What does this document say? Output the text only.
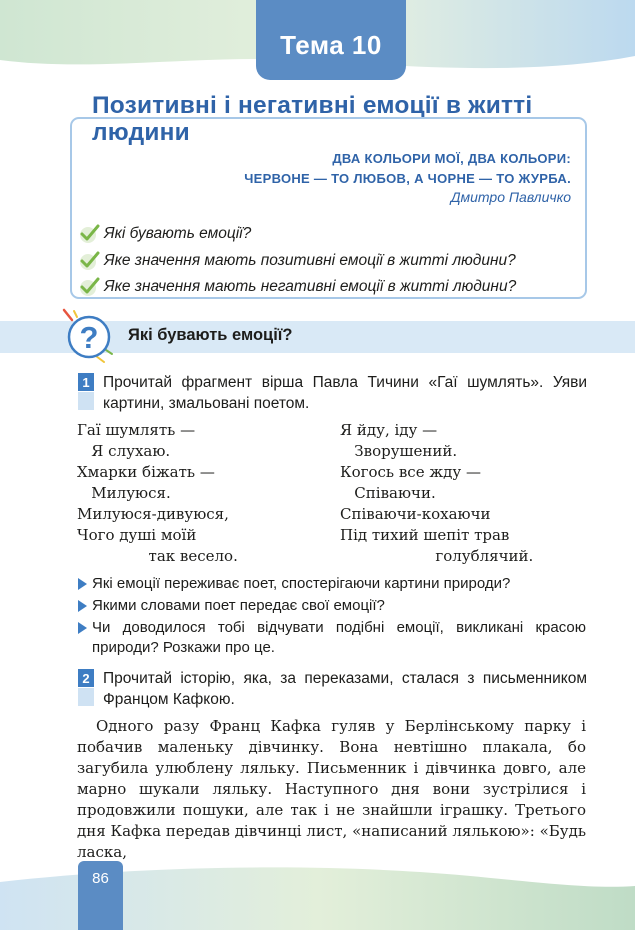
Тема 10
Позитивні і негативні емоції в житті людини
ДВА КОЛЬОРИ МОЇ, ДВА КОЛЬОРИ:
ЧЕРВОНЕ — ТО ЛЮБОВ, А ЧОРНЕ — ТО ЖУРБА.
Дмитро Павличко
Які бувають емоції?
Яке значення мають позитивні емоції в житті людини?
Яке значення мають негативні емоції в житті людини?
? Які бувають емоції?
1 Прочитай фрагмент вірша Павла Тичини «Гаї шумлять». Уяви картини, змальовані поетом.
Гаї шумлять —
Я слухаю.
Хмарки біжать —
Милуюся.
Милуюся-дивуюся,
Чого душі моїй
так весело.
Я йду, іду —
Зворушений.
Когось все жду —
Співаючи.
Співаючи-кохаючи
Під тихий шепіт трав
голублячий.
Які емоції переживає поет, спостерігаючи картини природи?
Якими словами поет передає свої емоції?
Чи доводилося тобі відчувати подібні емоції, викликані красою природи? Розкажи про це.
2 Прочитай історію, яка, за переказами, сталася з письменником Францом Кафкою.
Одного разу Франц Кафка гуляв у Берлінському парку і побачив маленьку дівчинку. Вона невтішно плакала, бо загубила улюблену ляльку. Письменник і дівчинка довго, але марно шукали ляльку. Наступного дня вони зустрілися і продовжили пошуки, але так і не знайшли іграшку. Третього дня Кафка передав дівчинці лист, «написаний лялькою»: «Будь ласка,
86
